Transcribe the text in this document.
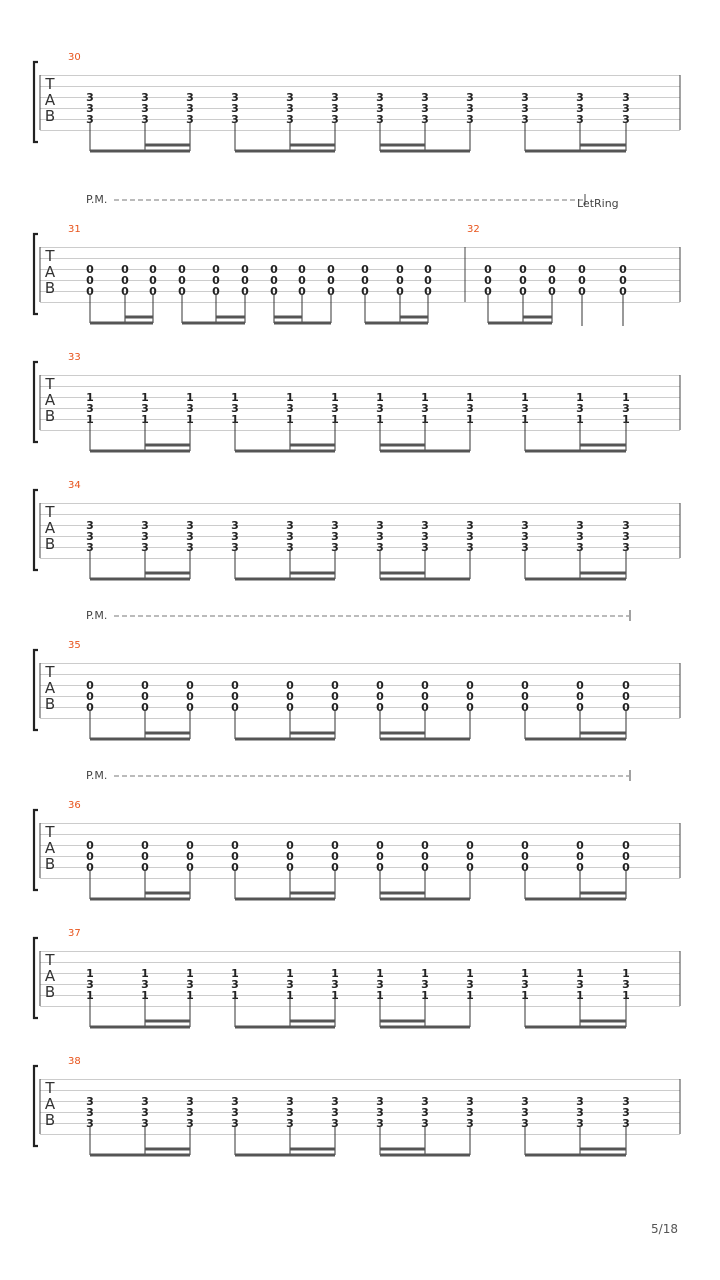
T
A
B
30
3
3
3
3
3
3
3
3
3
3
3
3
3
3
3
3
3
3
3
3
3
3
3
3
3
3
3
3
3
3
3
3
3
3
3
3
T
A
B
P.M.	LetRing
31
0
0
0
0
0
0
0
0
0
0
0
0
0
0
0
0
0
0
0
0
0
0
0
0
0
0
0
0
0
0
0
0
0
0
0
0
32
0
0
0
0
0
0
0
0
0
0
0
0
0
0
0
T
A
B
33
1
3
1
1
3
1
1
3
1
1
3
1
1
3
1
1
3
1
1
3
1
1
3
1
1
3
1
1
3
1
1
3
1
1
3
1
T
A
B
34
3
3
3
3
3
3
3
3
3
3
3
3
3
3
3
3
3
3
3
3
3
3
3
3
3
3
3
3
3
3
3
3
3
3
3
3
T
A
B
P.M.
35
0
0
0
0
0
0
0
0
0
0
0
0
0
0
0
0
0
0
0
0
0
0
0
0
0
0
0
0
0
0
0
0
0
0
0
0
T
A
B
P.M.
36
0
0
0
0
0
0
0
0
0
0
0
0
0
0
0
0
0
0
0
0
0
0
0
0
0
0
0
0
0
0
0
0
0
0
0
0
T
A
B
37
1
3
1
1
3
1
1
3
1
1
3
1
1
3
1
1
3
1
1
3
1
1
3
1
1
3
1
1
3
1
1
3
1
1
3
1
T
A
B
38
3
3
3
3
3
3
3
3
3
3
3
3
3
3
3
3
3
3
3
3
3
3
3
3
3
3
3
3
3
3
3
3
3
3
3
3
5/18
